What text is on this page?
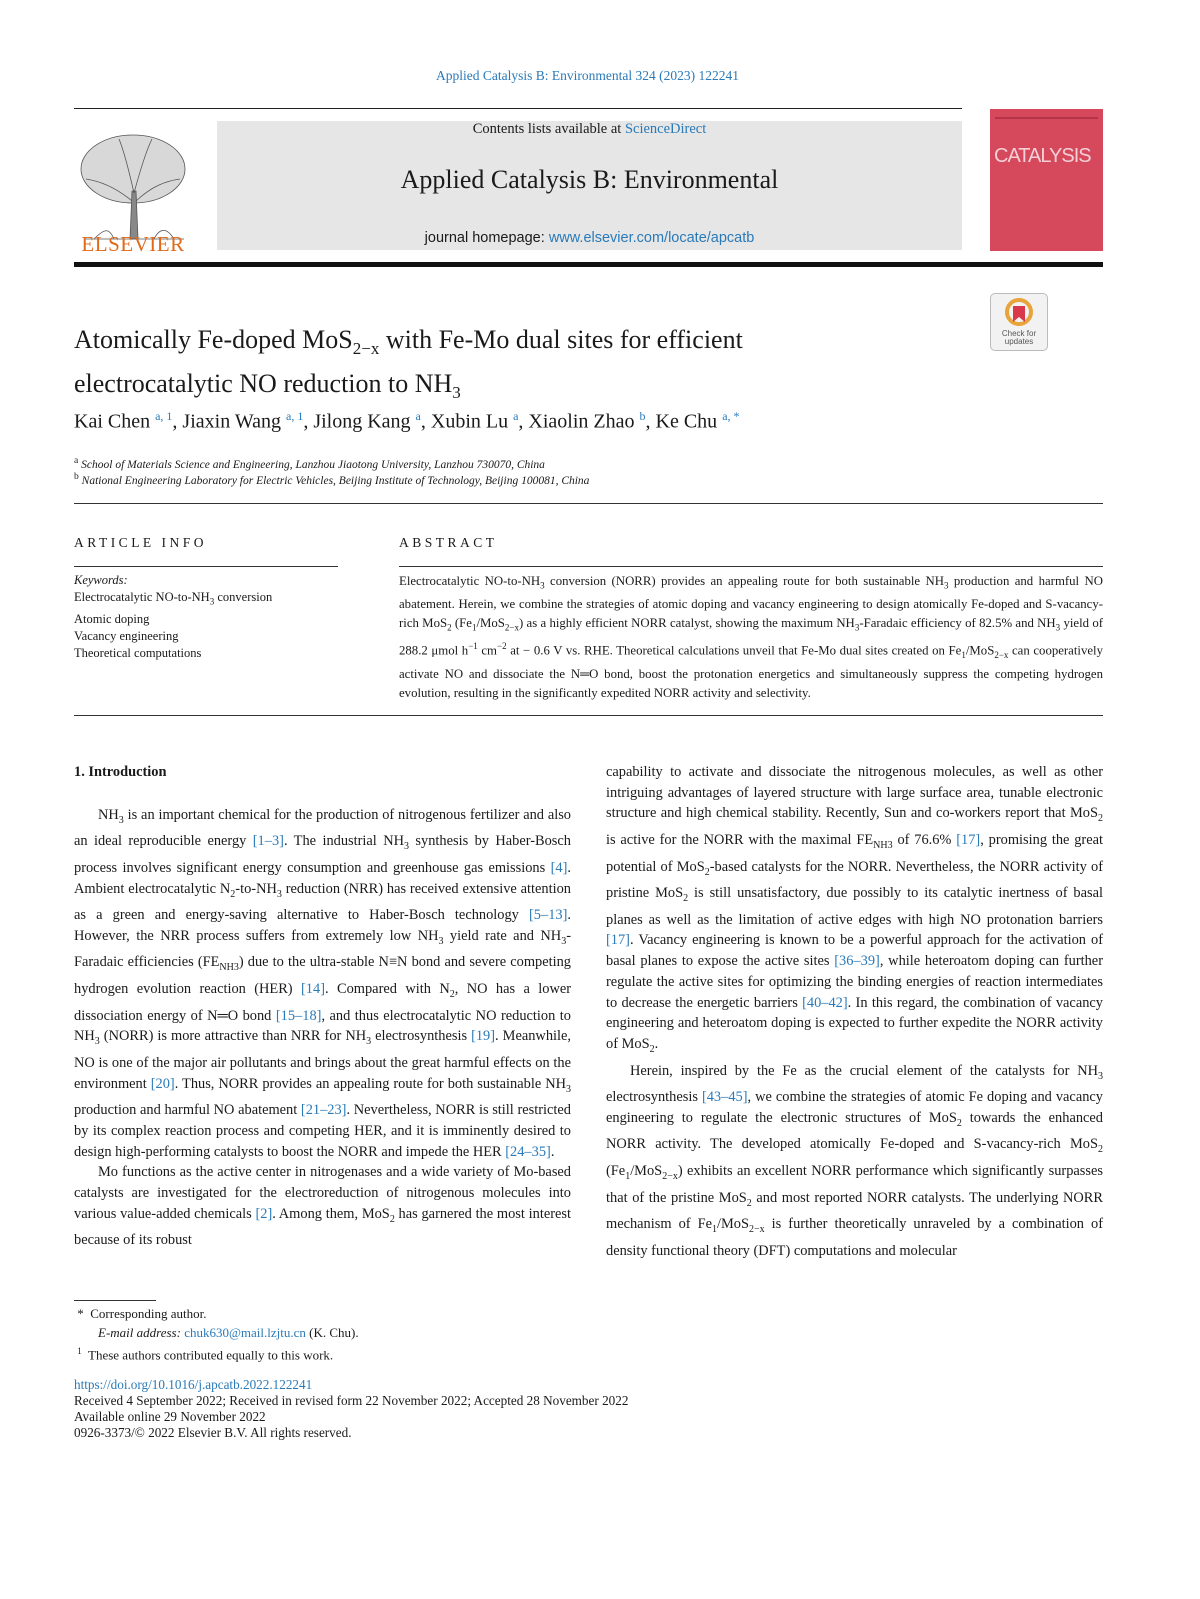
Applied Catalysis B: Environmental 324 (2023) 122241
ELSEVIER
Contents lists available at ScienceDirect
Applied Catalysis B: Environmental
journal homepage: www.elsevier.com/locate/apcatb
CATALYSIS
Check for updates
Atomically Fe-doped MoS$_{2-x}$ with Fe-Mo dual sites for efficient
electrocatalytic NO reduction to $NH_3$
Kai Chen $^{a, 1}$, Jiaxin Wang $^{a, 1}$, Jilong Kang $^a$, Xubin Lu $^a$, Xiaolin Zhao $^b$, Ke Chu $^{a, *}$
$^a$ School of Materials Science and Engineering, Lanzhou Jiaotong University, Lanzhou 730070, China
$^b$ National Engineering Laboratory for Electric Vehicles, Beijing Institute of Technology, Beijing 100081, China
ARTICLE INFO	ABSTRACT
Keywords:
Electrocatalytic $NO-to-NH_3$ conversion
Atomic doping
Vacancy engineering
Theoretical computations
Electrocatalytic $NO-to-NH_3$ conversion (NORR) provides an appealing route for both sustainable $NH_3$ production and harmful NO abatement. Herein, we combine the strategies of atomic doping and vacancy engineering to design atomically Fe-doped and S-vacancy-rich MoS$_2$ $(Fe_1/MoS_{2-x})$ as a highly efficient NORR catalyst, showing the maximum $NH_3$-Faradaic efficiency of 82.5% and $NH_3$ yield of 288.2 μmol $h^{-1}$ $cm^{-2}$ at − 0.6 V vs. RHE. Theoretical calculations unveil that Fe-Mo dual sites created on $Fe_1/MoS_{2-x}$ can cooperatively activate NO and dissociate the N═O bond, boost the protonation energetics and simultaneously suppress the competing hydrogen evolution, resulting in the significantly expedited NORR activity and selectivity.

1. Introduction

$NH_3$ is an important chemical for the production of nitrogenous fertilizer and also an ideal reproducible energy [1–3]. The industrial $NH_3$ synthesis by Haber-Bosch process involves significant energy consumption and greenhouse gas emissions [4]. Ambient electrocatalytic $N_2-to-NH_3$ reduction (NRR) has received extensive attention as a green and energy-saving alternative to Haber-Bosch technology [5–13]. However, the NRR process suffers from extremely low $NH_3$ yield rate and $NH_3$-Faradaic efficiencies $(FE_{NH3})$ due to the ultra-stable N≡N bond and severe competing hydrogen evolution reaction (HER) [14]. Compared with $N_2$, NO has a lower dissociation energy of N═O bond [15–18], and thus electrocatalytic NO reduction to $NH_3$ (NORR) is more attractive than NRR for $NH_3$ electrosynthesis [19]. Meanwhile, NO is one of the major air pollutants and brings about the great harmful effects on the environment [20]. Thus, NORR provides an appealing route for both sustainable $NH_3$ production and harmful NO abatement [21–23]. Nevertheless, NORR is still restricted by its complex reaction process and competing HER, and it is imminently desired to design high-performing catalysts to boost the NORR and impede the HER [24–35].

Mo functions as the active center in nitrogenases and a wide variety of Mo-based catalysts are investigated for the electroreduction of nitrogenous molecules into various value-added chemicals [2]. Among them, MoS$_2$ has garnered the most interest because of its robust

capability to activate and dissociate the nitrogenous molecules, as well as other intriguing advantages of layered structure with large surface area, tunable electronic structure and high chemical stability. Recently, Sun and co-workers report that MoS$_2$ is active for the NORR with the maximal $FE_{NH3}$ of 76.6% [17], promising the great potential of MoS$_2$-based catalysts for the NORR. Nevertheless, the NORR activity of pristine MoS$_2$ is still unsatisfactory, due possibly to its catalytic inertness of basal planes as well as the limitation of active edges with high NO protonation barriers [17]. Vacancy engineering is known to be a powerful approach for the activation of basal planes to expose the active sites [36–39], while heteroatom doping can further regulate the active sites for optimizing the binding energies of reaction intermediates to decrease the energetic barriers [40–42]. In this regard, the combination of vacancy engineering and heteroatom doping is expected to further expedite the NORR activity of MoS$_2$.

Herein, inspired by the Fe as the crucial element of the catalysts for $NH_3$ electrosynthesis [43–45], we combine the strategies of atomic Fe doping and vacancy engineering to regulate the electronic structures of MoS$_2$ towards the enhanced NORR activity. The developed atomically Fe-doped and S-vacancy-rich MoS$_2$ $(Fe_1/MoS_{2-x})$ exhibits an excellent NORR performance which significantly surpasses that of the pristine MoS$_2$ and most reported NORR catalysts. The underlying NORR mechanism of $Fe_1/MoS_{2-x}$ is further theoretically unraveled by a combination of density functional theory (DFT) computations and molecular

*  Corresponding author.
E-mail address: chuk630@mail.lzjtu.cn (K. Chu).
$^1$ These authors contributed equally to this work.
https://doi.org/10.1016/j.apcatb.2022.122241
Received 4 September 2022; Received in revised form 22 November 2022; Accepted 28 November 2022
Available online 29 November 2022
0926-3373/© 2022 Elsevier B.V. All rights reserved.
